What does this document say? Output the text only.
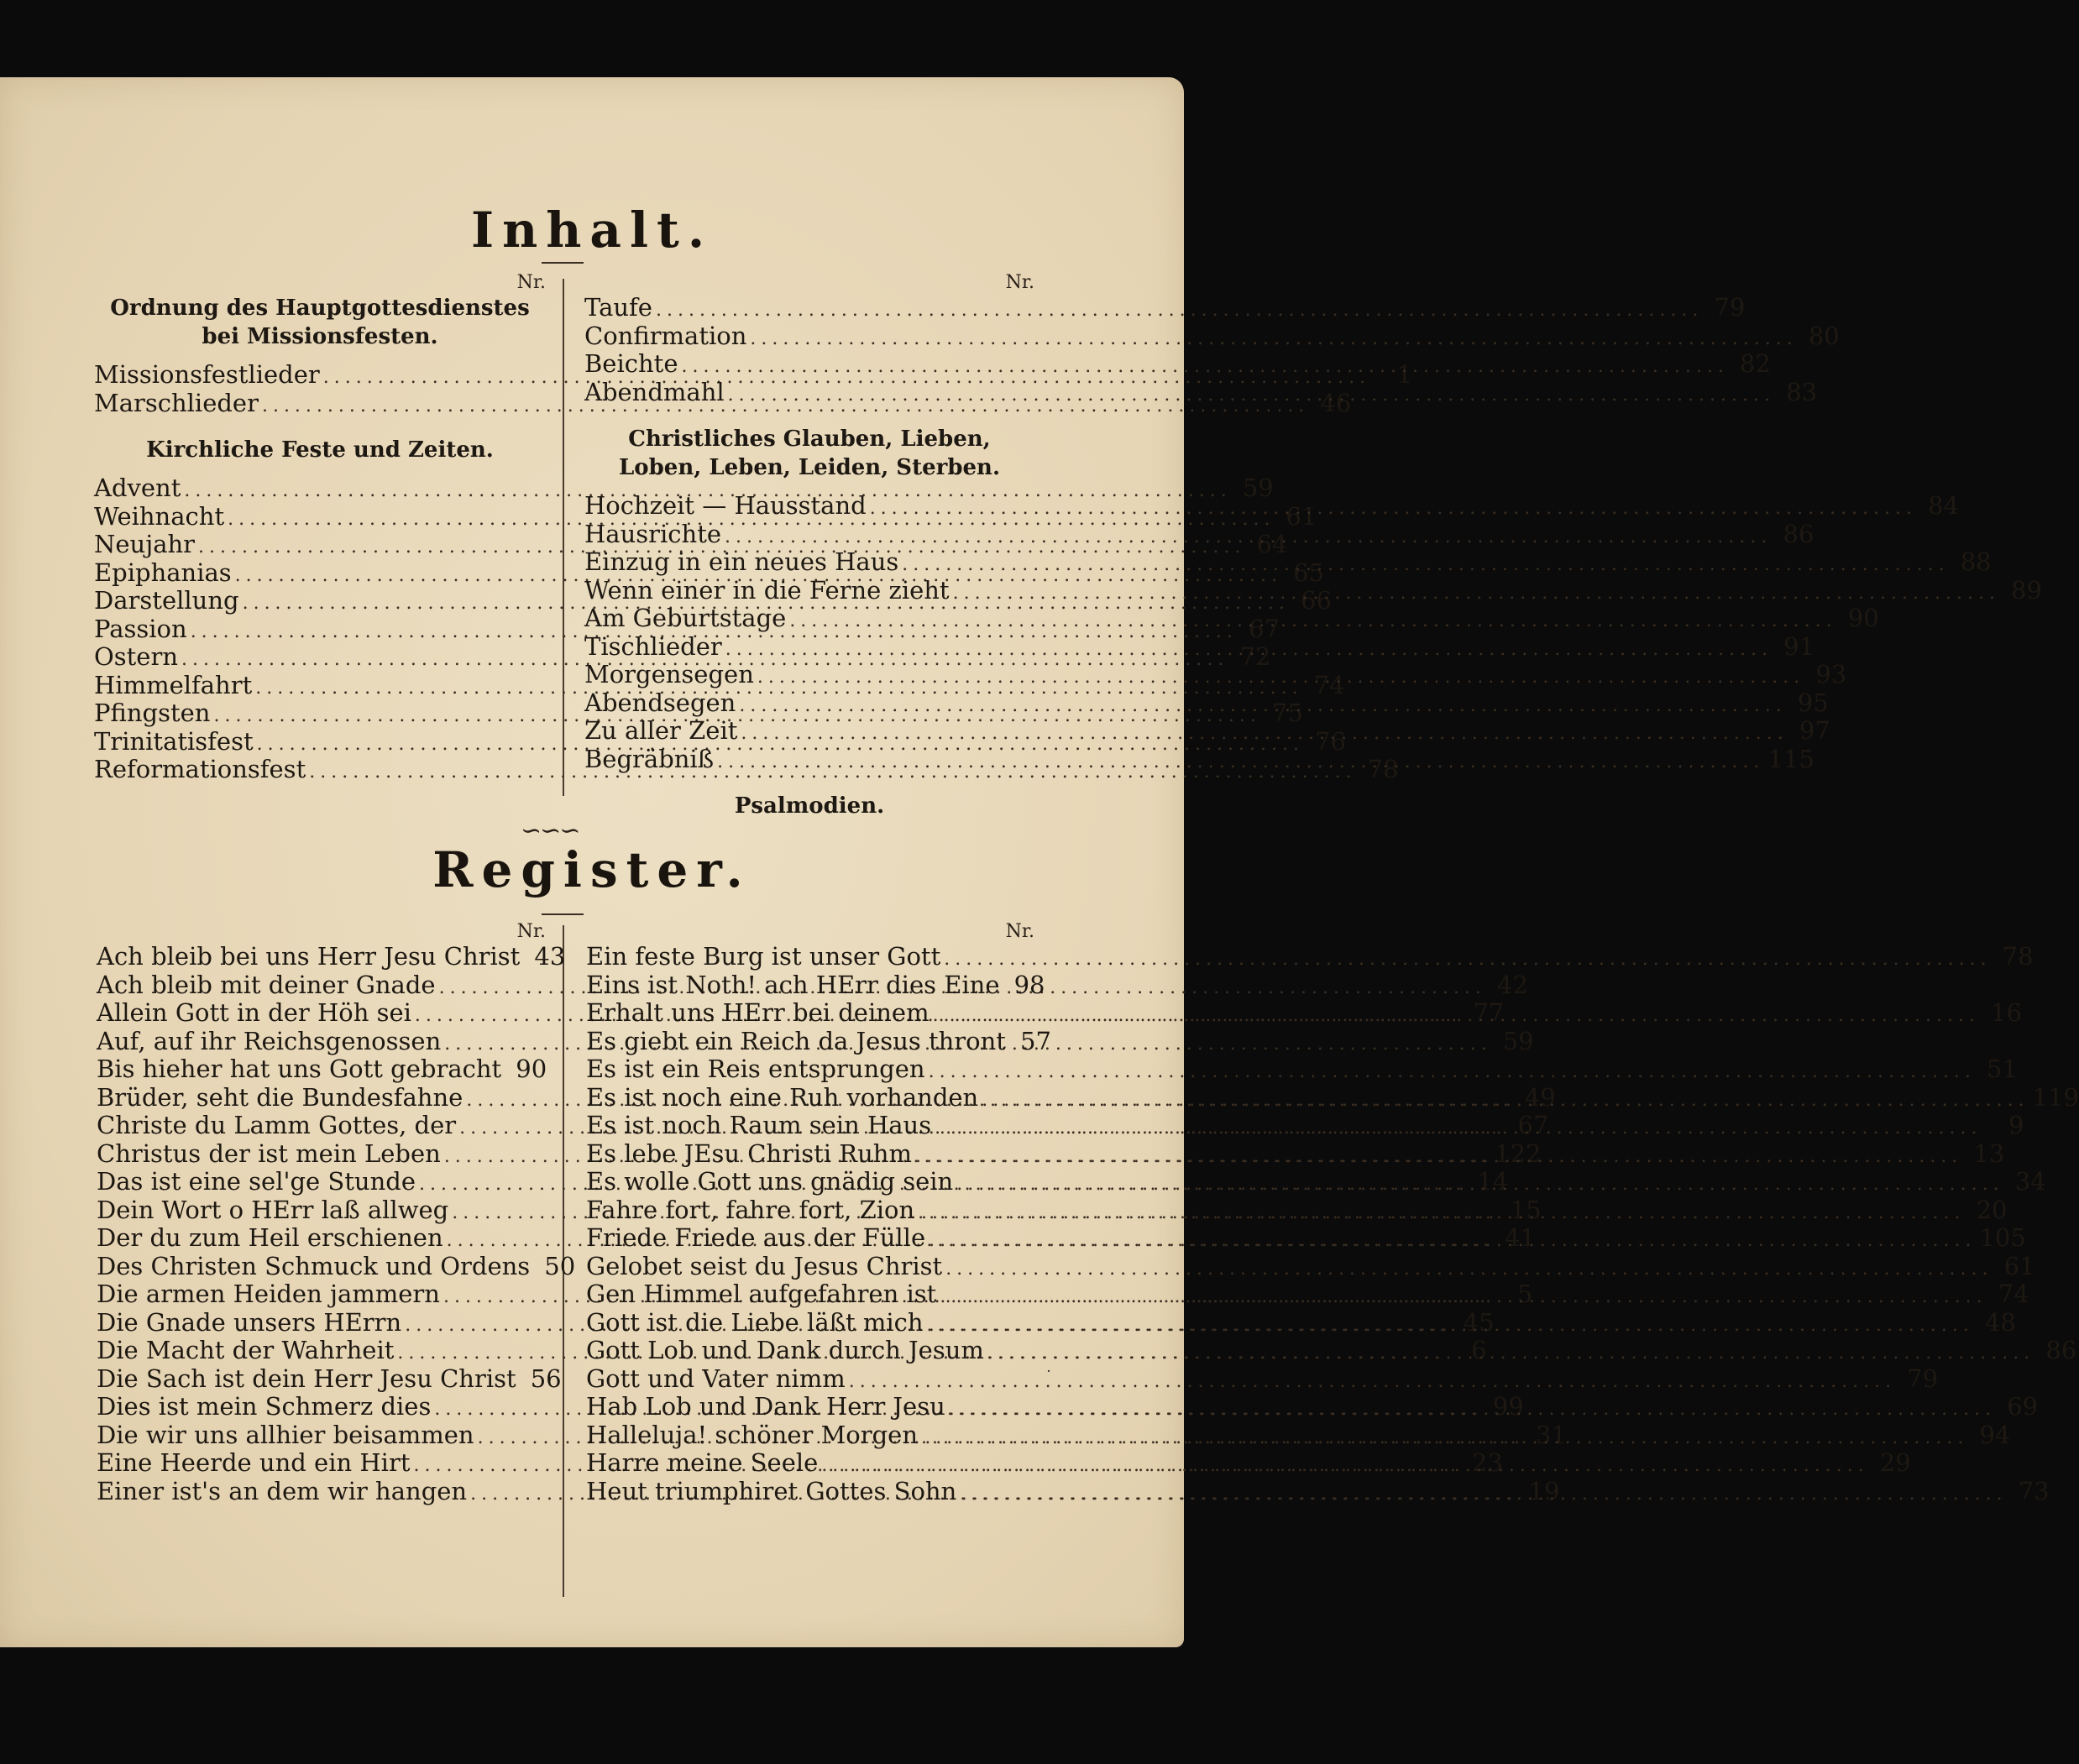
Inhalt.
Nr.
Ordnung des Hauptgottesdienstes bei Missionsfesten.
Missionsfestlieder .....	1
Marschlieder .....	46
Kirchliche Feste und Zeiten.
Advent .....	59
Weihnacht .....	61
Neujahr .....	64
Epiphanias .....	65
Darstellung .....	66
Passion .....	67
Ostern .....	72
Himmelfahrt .....	74
Pfingsten .....	75
Trinitatisfest .....	76
Reformationsfest .....	78
Nr.
Taufe .....	79
Confirmation .....	80
Beichte .....	82
Abendmahl .....	83
Christliches Glauben, Lieben, Loben, Leben, Leiden, Sterben.
Hochzeit — Hausstand .....	84
Hausrichte .....	86
Einzug in ein neues Haus .....	88
Wenn einer in die Ferne zieht .....	89
Am Geburtstage .....	90
Tischlieder .....	91
Morgensegen .....	93
Abendsegen .....	95
Zu aller Zeit .....	97
Begräbniß .....	115
Psalmodien.
∽∽∽
Register.
Nr.
Ach bleib bei uns Herr Jesu Christ 43
Ach bleib mit deiner Gnade .....	42
Allein Gott in der Höh sei .....	77
Auf, auf ihr Reichsgenossen .....	59
Bis hieher hat uns Gott gebracht 90
Brüder, seht die Bundesfahne .....	49
Christe du Lamm Gottes, der .....	67
Christus der ist mein Leben .....	122
Das ist eine sel'ge Stunde .....	14
Dein Wort o HErr laß allweg .....	15
Der du zum Heil erschienen .....	41
Des Christen Schmuck und Ordens 50
Die armen Heiden jammern .....	5
Die Gnade unsers HErrn .....	45
Die Macht der Wahrheit .....	6
Die Sach ist dein Herr Jesu Christ 56
Dies ist mein Schmerz dies .....	99
Die wir uns allhier beisammen .....	31
Eine Heerde und ein Hirt .....	23
Einer ist's an dem wir hangen .....	19
Nr.
Ein feste Burg ist unser Gott .....	78
Eins ist Noth! ach HErr dies Eine 98
Erhalt uns HErr bei deinem .....	16
Es giebt ein Reich da Jesus thront 57
Es ist ein Reis entsprungen .....	51
Es ist noch eine Ruh vorhanden .....	119
Es ist noch Raum sein Haus .....	9
Es lebe JEsu Christi Ruhm .....	13
Es wolle Gott uns gnädig sein .....	34
Fahre fort, fahre fort, Zion .....	20
Friede Friede aus der Fülle .....	105
Gelobet seist du Jesus Christ .....	61
Gen Himmel aufgefahren ist .....	74
Gott ist die Liebe läßt mich .....	48
Gott Lob und Dank durch Jesum .....	86
Gott und Vater nimm .....	79
Hab Lob und Dank Herr Jesu .....	69
Halleluja! schöner Morgen .....	94
Harre meine Seele .....	29
Heut triumphiret Gottes Sohn .....	73
˙
